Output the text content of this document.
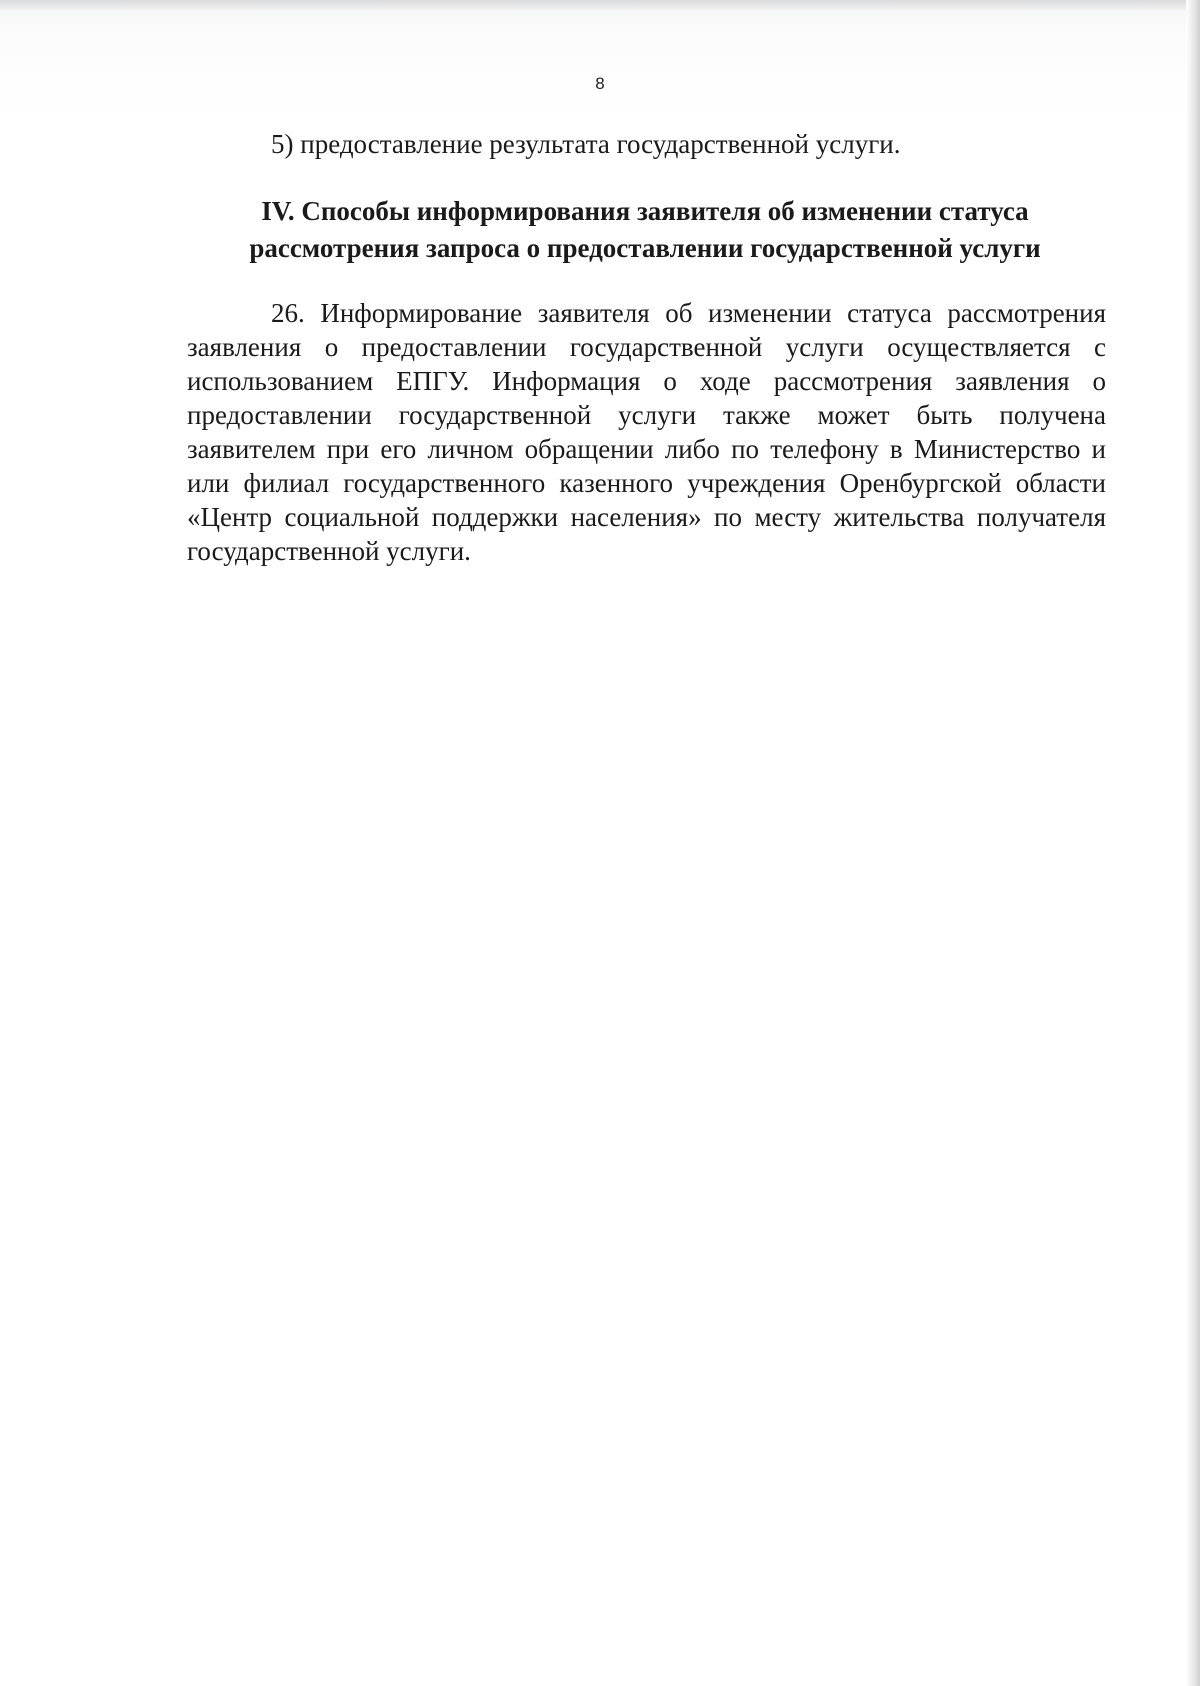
8
5) предоставление результата государственной услуги.
IV. Способы информирования заявителя об изменении статуса
рассмотрения запроса о предоставлении государственной услуги
26. Информирование заявителя об изменении статуса рассмотрения
заявления о предоставлении государственной услуги осуществляется с
использованием ЕПГУ. Информация о ходе рассмотрения заявления о
предоставлении государственной услуги также может быть получена
заявителем при его личном обращении либо по телефону в Министерство и
или филиал государственного казенного учреждения Оренбургской области
«Центр социальной поддержки населения» по месту жительства получателя
государственной услуги.
